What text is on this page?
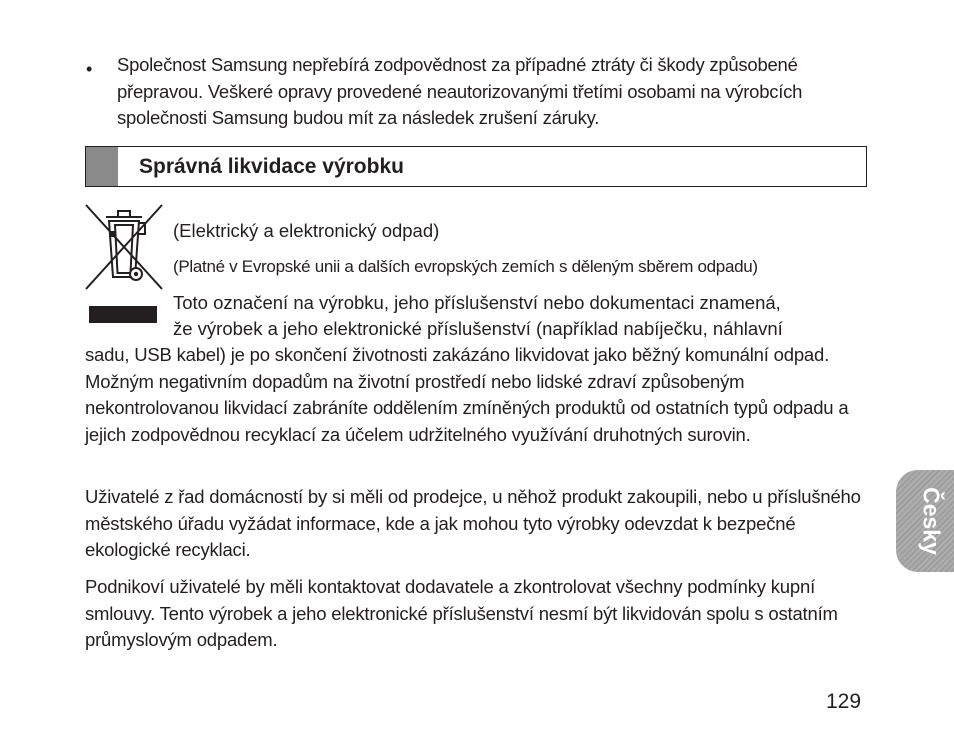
• Společnost Samsung nepřebírá zodpovědnost za případné ztráty či škody způsobené přepravou. Veškeré opravy provedené neautorizovanými třetími osobami na výrobcích společnosti Samsung budou mít za následek zrušení záruky.
Správná likvidace výrobku
(Elektrický a elektronický odpad)
(Platné v Evropské unii a dalších evropských zemích s děleným sběrem odpadu)
Toto označení na výrobku, jeho příslušenství nebo dokumentaci znamená,
že výrobek a jeho elektronické příslušenství (například nabíječku, náhlavní
sadu, USB kabel) je po skončení životnosti zakázáno likvidovat jako běžný komunální odpad. Možným negativním dopadům na životní prostředí nebo lidské zdraví způsobeným nekontrolovanou likvidací zabráníte oddělením zmíněných produktů od ostatních typů odpadu a jejich zodpovědnou recyklací za účelem udržitelného využívání druhotných surovin.
Uživatelé z řad domácností by si měli od prodejce, u něhož produkt zakoupili, nebo u příslušného městského úřadu vyžádat informace, kde a jak mohou tyto výrobky odevzdat k bezpečné ekologické recyklaci.
Podnikoví uživatelé by měli kontaktovat dodavatele a zkontrolovat všechny podmínky kupní smlouvy. Tento výrobek a jeho elektronické příslušenství nesmí být likvidován spolu s ostatním průmyslovým odpadem.
Česky
129
